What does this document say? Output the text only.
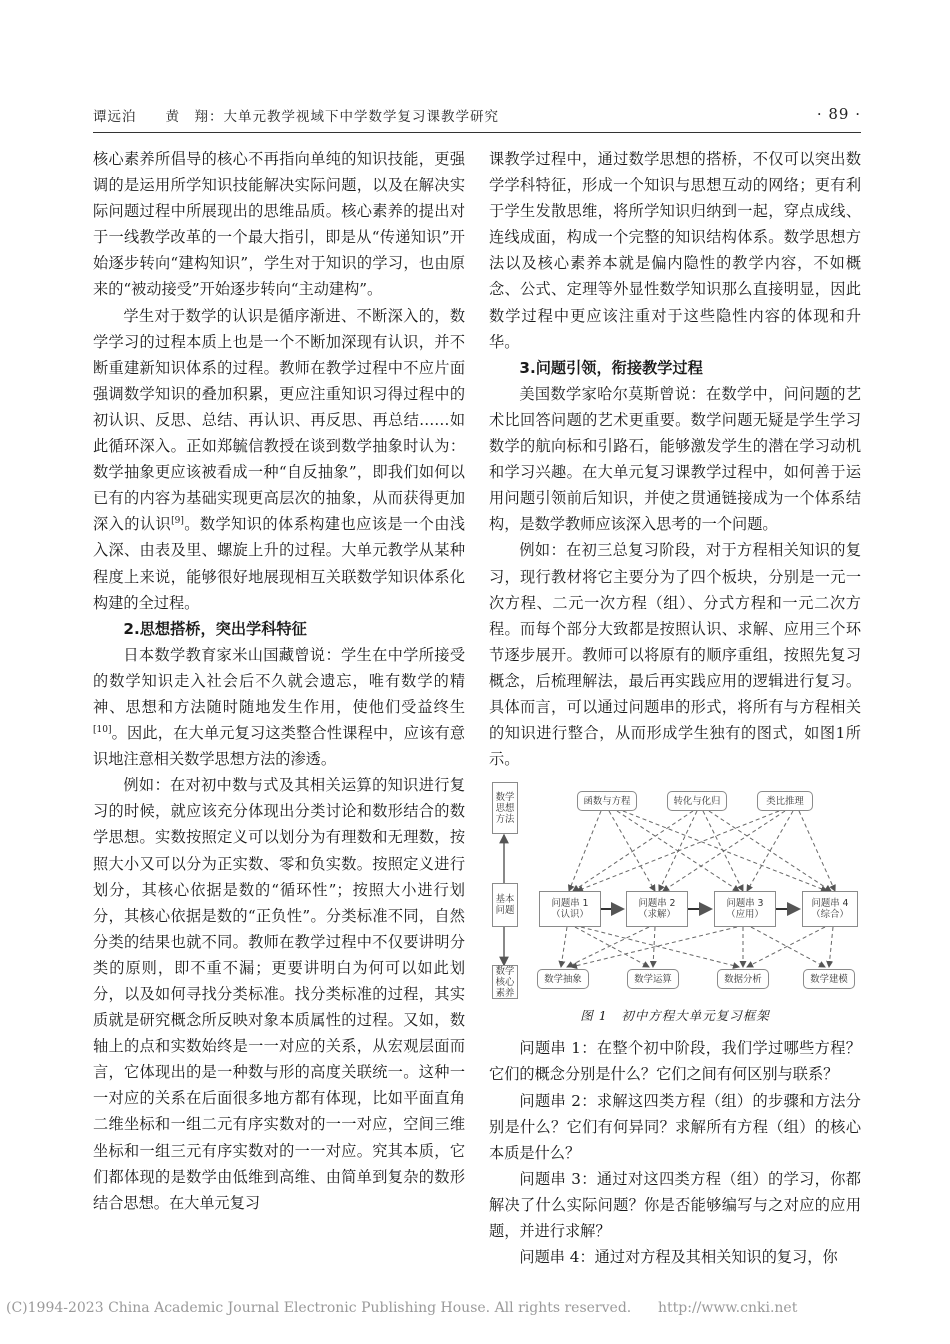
谭远泊　　黄　翔：大单元教学视域下中学数学复习课教学研究	· 89 ·

核心素养所倡导的核心不再指向单纯的知识技能，更强调的是运用所学知识技能解决实际问题，以及在解决实际问题过程中所展现出的思维品质。核心素养的提出对于一线教学改革的一个最大指引，即是从“传递知识”开始逐步转向“建构知识”，学生对于知识的学习，也由原来的“被动接受”开始逐步转向“主动建构”。

学生对于数学的认识是循序渐进、不断深入的，数学学习的过程本质上也是一个不断加深现有认识，并不断重建新知识体系的过程。教师在教学过程中不应片面强调数学知识的叠加积累，更应注重知识习得过程中的初认识、反思、总结、再认识、再反思、再总结……如此循环深入。正如郑毓信教授在谈到数学抽象时认为：数学抽象更应该被看成一种“自反抽象”，即我们如何以已有的内容为基础实现更高层次的抽象，从而获得更加深入的认识[9]。数学知识的体系构建也应该是一个由浅入深、由表及里、螺旋上升的过程。大单元教学从某种程度上来说，能够很好地展现相互关联数学知识体系化构建的全过程。

2.思想搭桥，突出学科特征

日本数学教育家米山国藏曾说：学生在中学所接受的数学知识走入社会后不久就会遗忘，唯有数学的精神、思想和方法随时随地发生作用，使他们受益终生[10]。因此，在大单元复习这类整合性课程中，应该有意识地注意相关数学思想方法的渗透。

例如：在对初中数与式及其相关运算的知识进行复习的时候，就应该充分体现出分类讨论和数形结合的数学思想。实数按照定义可以划分为有理数和无理数，按照大小又可以分为正实数、零和负实数。按照定义进行划分，其核心依据是数的“循环性”；按照大小进行划分，其核心依据是数的“正负性”。分类标准不同，自然分类的结果也就不同。教师在教学过程中不仅要讲明分类的原则，即不重不漏；更要讲明白为何可以如此划分，以及如何寻找分类标准。找分类标准的过程，其实质就是研究概念所反映对象本质属性的过程。又如，数轴上的点和实数始终是一一对应的关系，从宏观层面而言，它体现出的是一种数与形的高度关联统一。这种一一对应的关系在后面很多地方都有体现，比如平面直角二维坐标和一组二元有序实数对的一一对应，空间三维坐标和一组三元有序实数对的一一对应。究其本质，它们都体现的是数学由低维到高维、由简单到复杂的数形结合思想。在大单元复习

课教学过程中，通过数学思想的搭桥，不仅可以突出数学学科特征，形成一个知识与思想互动的网络；更有利于学生发散思维，将所学知识归纳到一起，穿点成线、连线成面，构成一个完整的知识结构体系。数学思想方法以及核心素养本就是偏内隐性的教学内容，不如概念、公式、定理等外显性数学知识那么直接明显，因此数学过程中更应该注重对于这些隐性内容的体现和升华。

3.问题引领，衔接教学过程

美国数学家哈尔莫斯曾说：在数学中，问问题的艺术比回答问题的艺术更重要。数学问题无疑是学生学习数学的航向标和引路石，能够激发学生的潜在学习动机和学习兴趣。在大单元复习课教学过程中，如何善于运用问题引领前后知识，并使之贯通链接成为一个体系结构，是数学教师应该深入思考的一个问题。

例如：在初三总复习阶段，对于方程相关知识的复习，现行教材将它主要分为了四个板块，分别是一元一次方程、二元一次方程（组）、分式方程和一元二次方程。而每个部分大致都是按照认识、求解、应用三个环节逐步展开。教师可以将原有的顺序重组，按照先复习概念，后梳理解法，最后再实践应用的逻辑进行复习。具体而言，可以通过问题串的形式，将所有与方程相关的知识进行整合，从而形成学生独有的图式，如图1所示。

数学思想方法
基本问题
数学核心素养
函数与方程	转化与化归	类比推理
问题串 1
（认识）
问题串 2
（求解）
问题串 3
（应用）
问题串 4
（综合）
数学抽象	数学运算	数据分析	数学建模
图 1　初中方程大单元复习框架

问题串 1：在整个初中阶段，我们学过哪些方程？它们的概念分别是什么？它们之间有何区别与联系？

问题串 2：求解这四类方程（组）的步骤和方法分别是什么？它们有何异同？求解所有方程（组）的核心本质是什么？

问题串 3：通过对这四类方程（组）的学习，你都解决了什么实际问题？你是否能够编写与之对应的应用题，并进行求解？

问题串 4：通过对方程及其相关知识的复习，你

(C)1994-2023 China Academic Journal Electronic Publishing House. All rights reserved. http://www.cnki.net
